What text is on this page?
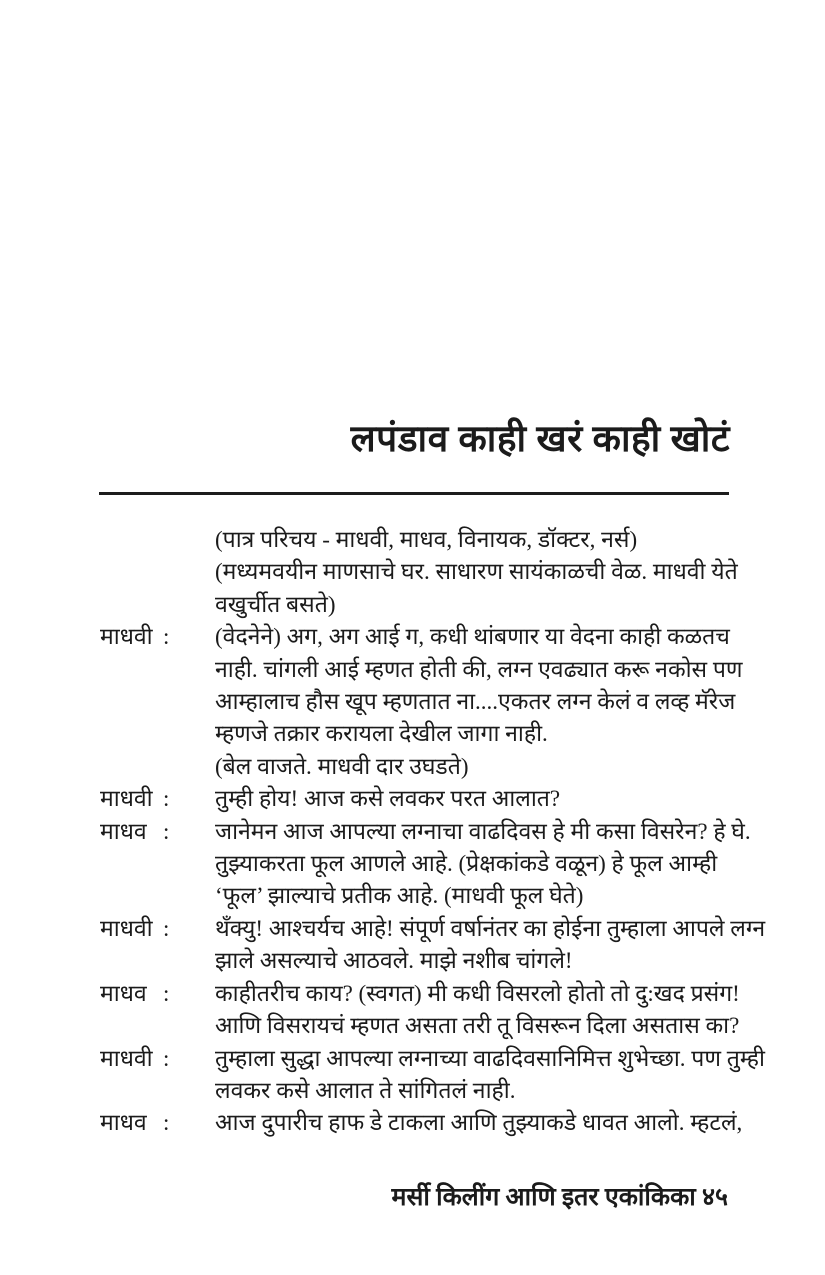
लपंडाव काही खरं काही खोटं
(पात्र परिचय - माधवी, माधव, विनायक, डॉक्टर, नर्स)
(मध्यमवयीन माणसाचे घर. साधारण सायंकाळची वेळ. माधवी येते
वखुर्चीत बसते)
माधवी :	(वेदनेने) अग, अग आई ग, कधी थांबणार या वेदना काही कळतच
नाही. चांगली आई म्हणत होती की, लग्न एवढ्यात करू नकोस पण
आम्हालाच हौस खूप म्हणतात ना....एकतर लग्न केलं व लव्ह मॅरेज
म्हणजे तक्रार करायला देखील जागा नाही.
(बेल वाजते. माधवी दार उघडते)
माधवी :	तुम्ही होय! आज कसे लवकर परत आलात?
माधव :	जानेमन आज आपल्या लग्नाचा वाढदिवस हे मी कसा विसरेन? हे घे.
तुझ्याकरता फूल आणले आहे. (प्रेक्षकांकडे वळून) हे फूल आम्ही
‘फूल’ झाल्याचे प्रतीक आहे. (माधवी फूल घेते)
माधवी :	थँक्यु! आश्चर्यच आहे! संपूर्ण वर्षानंतर का होईना तुम्हाला आपले लग्न
झाले असल्याचे आठवले. माझे नशीब चांगले!
माधव :	काहीतरीच काय? (स्वगत) मी कधी विसरलो होतो तो दु:खद प्रसंग!
आणि विसरायचं म्हणत असता तरी तू विसरून दिला असतास का?
माधवी :	तुम्हाला सुद्धा आपल्या लग्नाच्या वाढदिवसानिमित्त शुभेच्छा. पण तुम्ही
लवकर कसे आलात ते सांगितलं नाही.
माधव :	आज दुपारीच हाफ डे टाकला आणि तुझ्याकडे धावत आलो. म्हटलं,
मर्सी किलींग आणि इतर एकांकिका ४५
